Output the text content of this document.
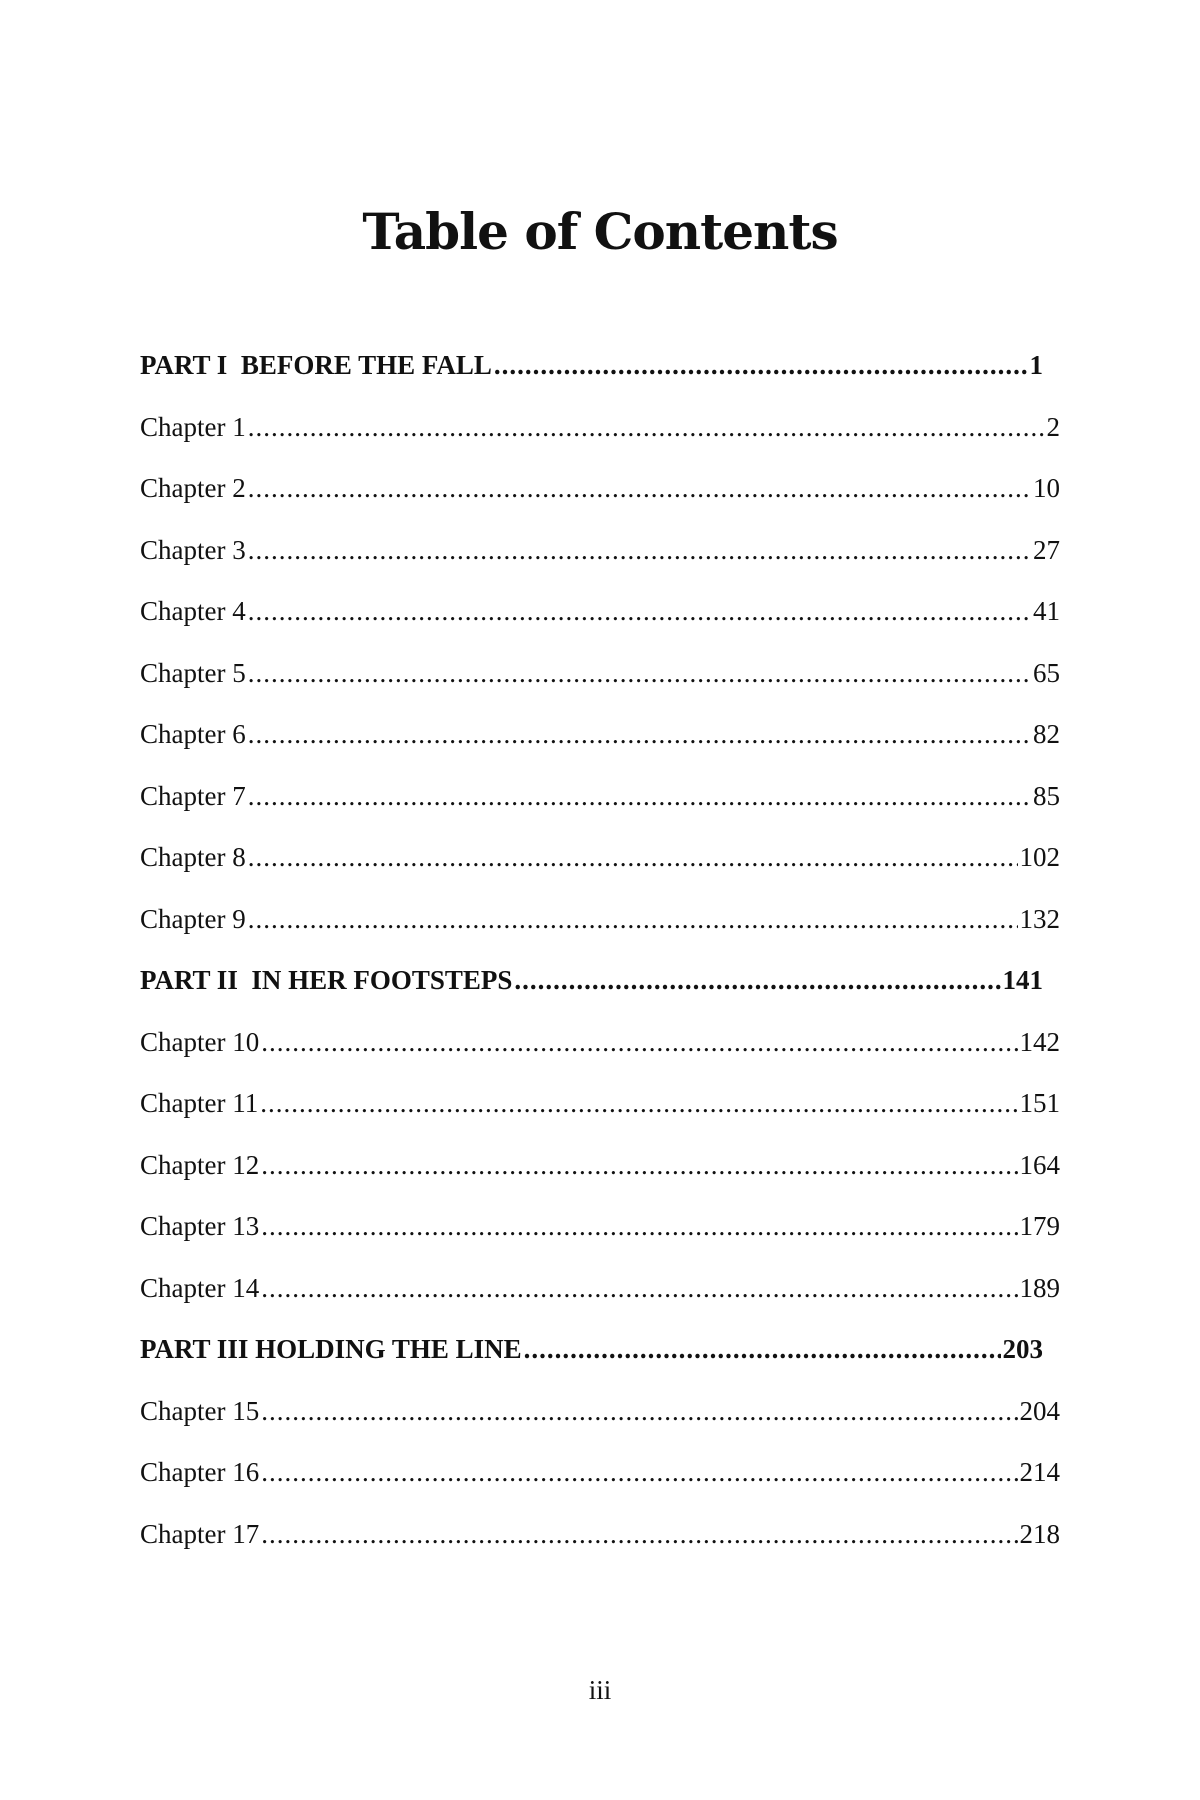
Table of Contents
PART I  BEFORE THE FALL .....	1
Chapter 1 .....	2
Chapter 2 .....	10
Chapter 3 .....	27
Chapter 4 .....	41
Chapter 5 .....	65
Chapter 6 .....	82
Chapter 7 .....	85
Chapter 8 .....	102
Chapter 9 .....	132
PART II  IN HER FOOTSTEPS .....	141
Chapter 10 .....	142
Chapter 11 .....	151
Chapter 12 .....	164
Chapter 13 .....	179
Chapter 14 .....	189
PART III HOLDING THE LINE .....	203
Chapter 15 .....	204
Chapter 16 .....	214
Chapter 17 .....	218
iii
